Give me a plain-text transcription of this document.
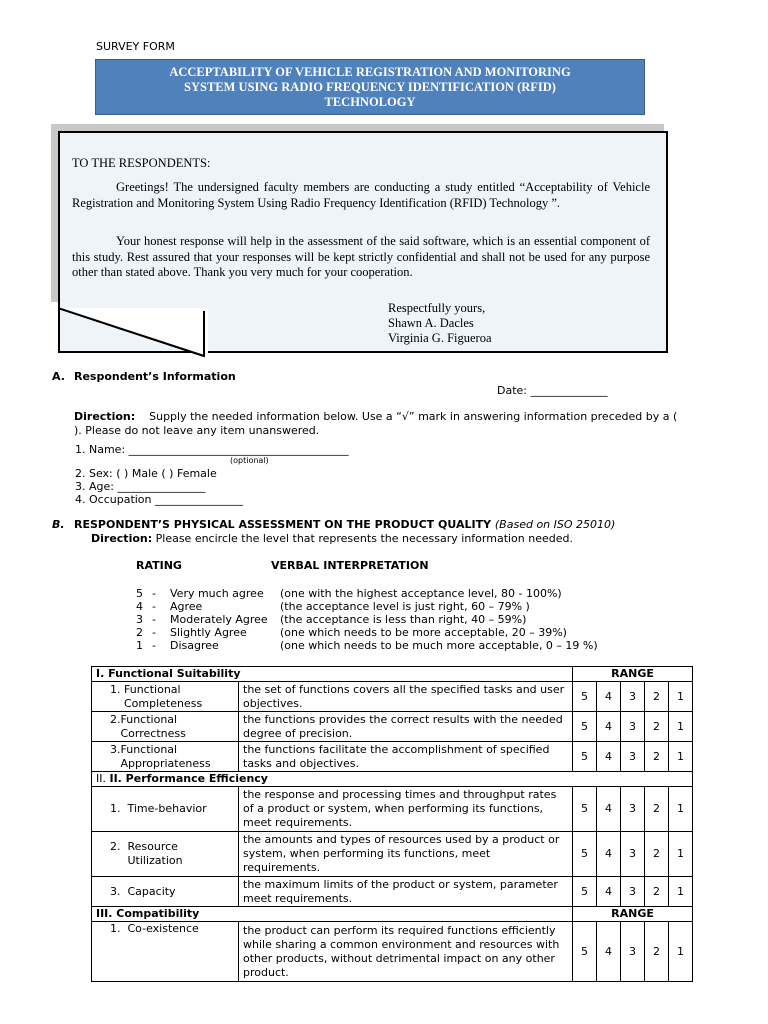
SURVEY FORM
ACCEPTABILITY OF VEHICLE REGISTRATION AND MONITORING
SYSTEM USING RADIO FREQUENCY IDENTIFICATION (RFID)
TECHNOLOGY
TO THE RESPONDENTS:
Greetings! The undersigned faculty members are conducting a study entitled “Acceptability of Vehicle Registration and Monitoring System Using Radio Frequency Identification (RFID) Technology ”.
Your honest response will help in the assessment of the said software, which is an essential component of this study. Rest assured that your responses will be kept strictly confidential and shall not be used for any purpose other than stated above. Thank you very much for your cooperation.
Respectfully yours,
Shawn A. Dacles
Virginia G. Figueroa
A. Respondent’s Information
Date: ______________
Direction: Supply the needed information below. Use a “√” mark in answering information preceded by a ( ). Please do not leave any item unanswered.
1. Name: ________________________________________
(optional)
2. Sex: ( ) Male ( ) Female
3. Age: ________________
4. Occupation ________________
B. RESPONDENT’S PHYSICAL ASSESSMENT ON THE PRODUCT QUALITY (Based on ISO 25010)
Direction: Please encircle the level that represents the necessary information needed.
RATING	VERBAL INTERPRETATION
5 - Very much agree (one with the highest acceptance level, 80 - 100%)
4 - Agree	(the acceptance level is just right, 60 – 79% )
3 - Moderately Agree (the acceptance is less than right, 40 – 59%)
2 - Slightly Agree	(one which needs to be more acceptable, 20 – 39%)
1 - Disagree	(one which needs to be much more acceptable, 0 – 19 %)
I. Functional Suitability		RANGE				

1.
Functional Completeness	the set of functions covers all the specified tasks and user objectives.	5	4	3	2	1

2. Functional Correctness	the functions provides the correct results with the needed degree of precision.	5	4	3	2	1

3. Functional Appropriateness	the functions facilitate the accomplishment of specified tasks and objectives.	5	4	3	2	1
II. II. Performance Efficiency						

1.
Time-behavior	the response and processing times and throughput rates of a product or system, when performing its functions, meet requirements.	5	4	3	2	1

2.
Resource Utilization	the amounts and types of resources used by a product or system, when performing its functions, meet requirements.	5	4	3	2	1

3.
Capacity	the maximum limits of the product or system, parameter meet requirements.	5	4	3	2	1
III. Compatibility		RANGE				

1.
Co-existence	the product can perform its required functions efficiently while sharing a common environment and resources with other products, without detrimental impact on any other product.	5	4	3	2	1
